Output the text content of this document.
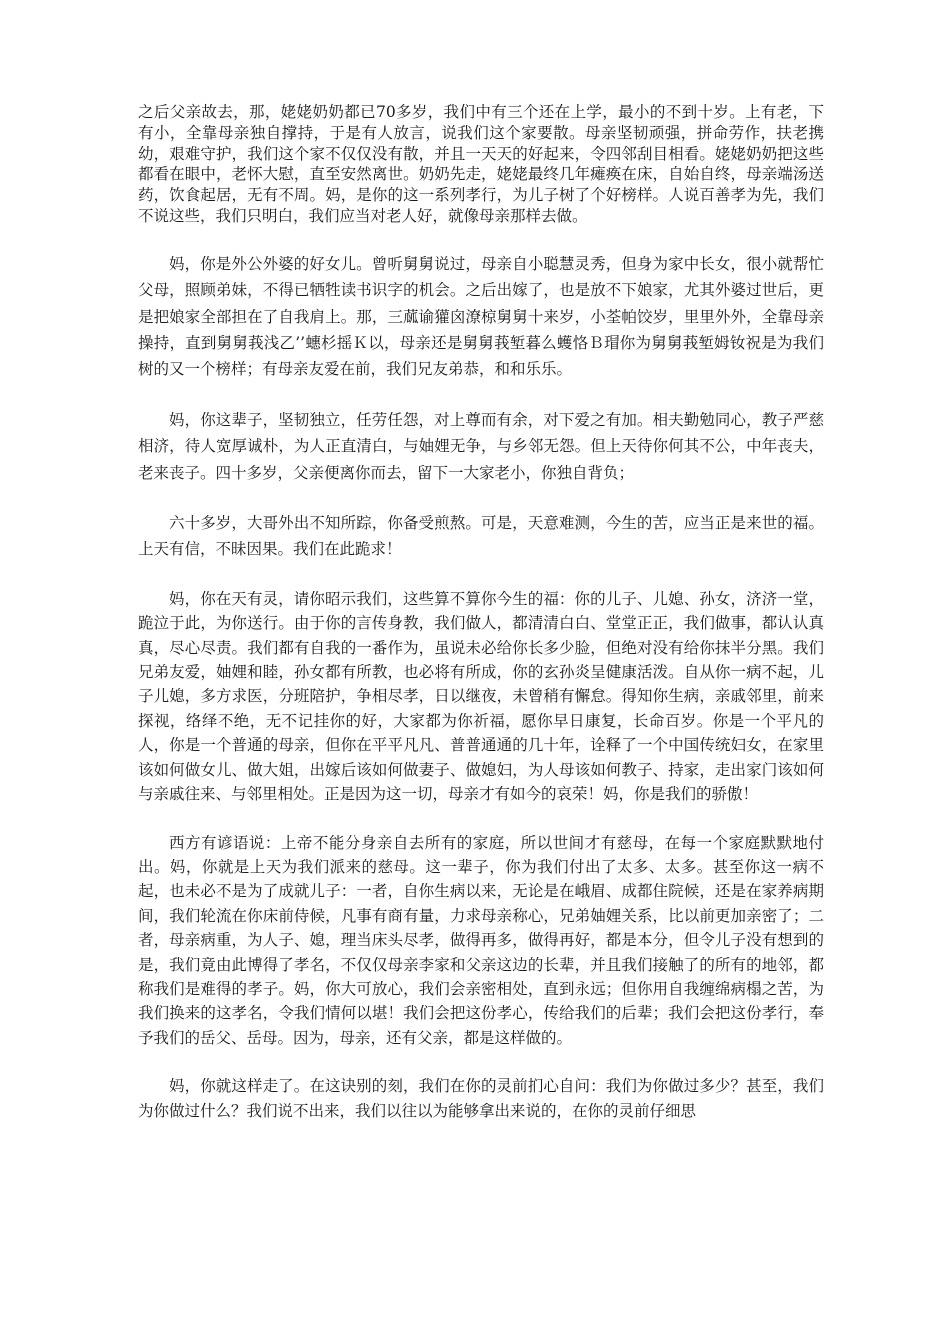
之后父亲故去，那，姥姥奶奶都已70多岁，我们中有三个还在上学，最小的不到十岁。上有老，下有小，全靠母亲独自撑持，于是有人放言，说我们这个家要散。母亲坚韧顽强，拼命劳作，扶老携幼，艰难守护，我们这个家不仅仅没有散，并且一天天的好起来，令四邻刮目相看。姥姥奶奶把这些都看在眼中，老怀大慰，直至安然离世。奶奶先走，姥姥最终几年瘫痪在床，自始自终，母亲端汤送药，饮食起居，无有不周。妈，是你的这一系列孝行，为儿子树了个好榜样。人说百善孝为先，我们不说这些，我们只明白，我们应当对老人好，就像母亲那样去做。

妈，你是外公外婆的好女儿。曾听舅舅说过，母亲自小聪慧灵秀，但身为家中长女，很小就帮忙父母，照顾弟妹，不得已牺牲读书识字的机会。之后出嫁了，也是放不下娘家，尤其外婆过世后，更是把娘家全部担在了自我肩上。那，三蓏谕獾囟潦椋舅舅十来岁，小荃帕饺岁，里里外外，全靠母亲操持，直到舅舅莪浅乙’’蟪杉摇Ｋ以，母亲还是舅舅莪堑暮么蠖恪Ｂ瑁你为舅舅莪堑姆钕祝是为我们树的又一个榜样；有母亲友爱在前，我们兄友弟恭，和和乐乐。

妈，你这辈子，坚韧独立，任劳任怨，对上尊而有余，对下爱之有加。相夫勤勉同心，教子严慈相济，待人宽厚诚朴，为人正直清白，与妯娌无争，与乡邻无怨。但上天待你何其不公，中年丧夫，老来丧子。四十多岁，父亲便离你而去，留下一大家老小，你独自背负；

六十多岁，大哥外出不知所踪，你备受煎熬。可是，天意难测，今生的苦，应当正是来世的福。上天有信，不昧因果。我们在此跪求！

妈，你在天有灵，请你昭示我们，这些算不算你今生的福：你的儿子、儿媳、孙女，济济一堂，跪泣于此，为你送行。由于你的言传身教，我们做人，都清清白白、堂堂正正，我们做事，都认认真真，尽心尽责。我们都有自我的一番作为，虽说未必给你长多少脸，但绝对没有给你抹半分黑。我们兄弟友爱，妯娌和睦，孙女都有所教，也必将有所成，你的玄孙炎呈健康活泼。自从你一病不起，儿子儿媳，多方求医，分班陪护，争相尽孝，日以继夜，未曾稍有懈怠。得知你生病，亲戚邻里，前来探视，络绎不绝，无不记挂你的好，大家都为你祈福，愿你早日康复，长命百岁。你是一个平凡的人，你是一个普通的母亲，但你在平平凡凡、普普通通的几十年，诠释了一个中国传统妇女，在家里该如何做女儿、做大姐，出嫁后该如何做妻子、做媳妇，为人母该如何教子、持家，走出家门该如何与亲戚往来、与邻里相处。正是因为这一切，母亲才有如今的哀荣！妈，你是我们的骄傲！

西方有谚语说：上帝不能分身亲自去所有的家庭，所以世间才有慈母，在每一个家庭默默地付出。妈，你就是上天为我们派来的慈母。这一辈子，你为我们付出了太多、太多。甚至你这一病不起，也未必不是为了成就儿子：一者，自你生病以来，无论是在峨眉、成都住院候，还是在家养病期间，我们轮流在你床前侍候，凡事有商有量，力求母亲称心，兄弟妯娌关系，比以前更加亲密了；二者，母亲病重，为人子、媳，理当床头尽孝，做得再多，做得再好，都是本分，但令儿子没有想到的是，我们竟由此博得了孝名，不仅仅母亲李家和父亲这边的长辈，并且我们接触了的所有的地邻，都称我们是难得的孝子。妈，你大可放心，我们会亲密相处，直到永远；但你用自我缠绵病榻之苦，为我们换来的这孝名，令我们情何以堪！我们会把这份孝心，传给我们的后辈；我们会把这份孝行，奉予我们的岳父、岳母。因为，母亲，还有父亲，都是这样做的。

妈，你就这样走了。在这诀别的刻，我们在你的灵前扪心自问：我们为你做过多少？甚至，我们为你做过什么？我们说不出来，我们以往以为能够拿出来说的，在你的灵前仔细思
